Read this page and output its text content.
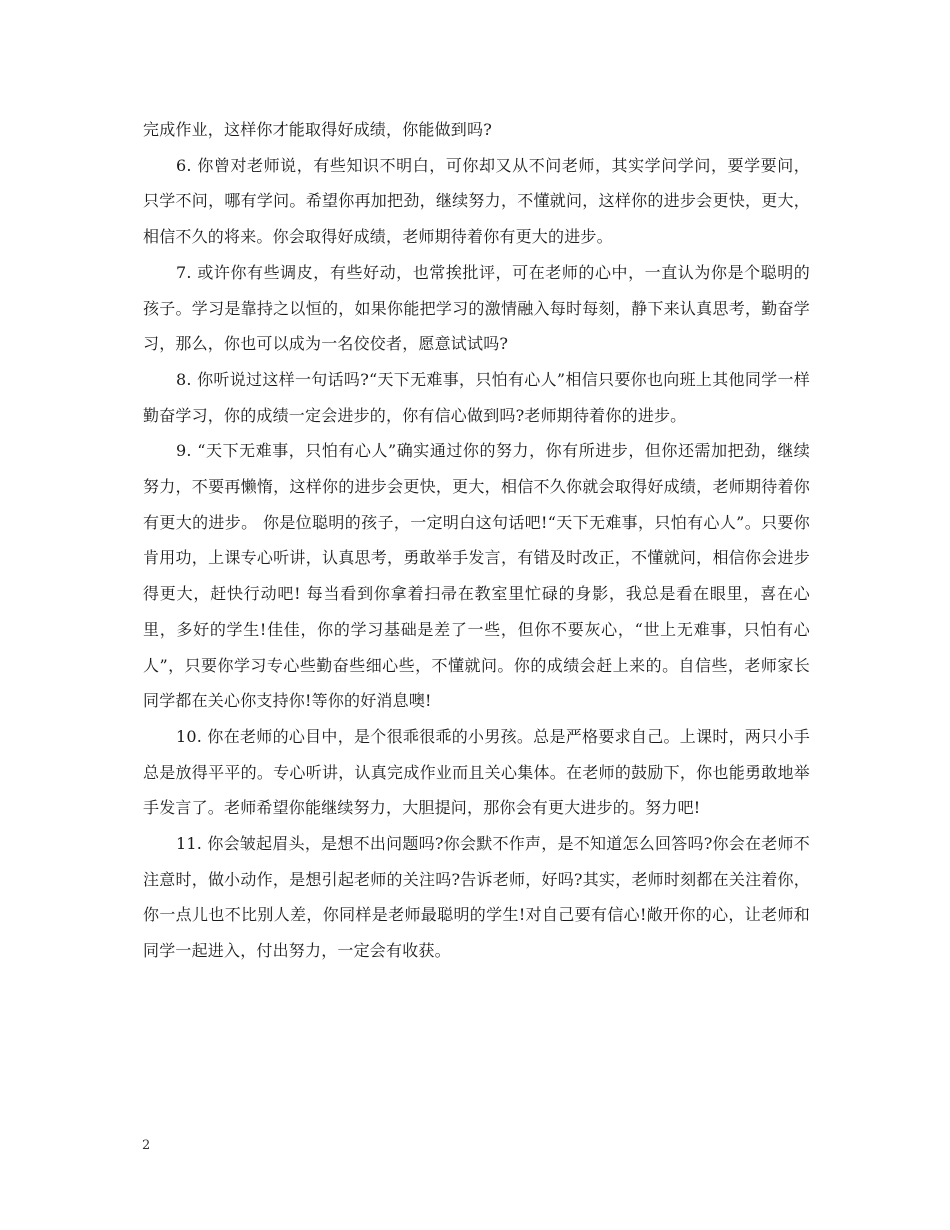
完成作业，这样你才能取得好成绩，你能做到吗?

6. 你曾对老师说，有些知识不明白，可你却又从不问老师，其实学问学问，要学要问，只学不问，哪有学问。希望你再加把劲，继续努力，不懂就问，这样你的进步会更快，更大，相信不久的将来。你会取得好成绩，老师期待着你有更大的进步。

7. 或许你有些调皮，有些好动，也常挨批评，可在老师的心中，一直认为你是个聪明的孩子。学习是靠持之以恒的，如果你能把学习的激情融入每时每刻，静下来认真思考，勤奋学习，那么，你也可以成为一名佼佼者，愿意试试吗?

8. 你听说过这样一句话吗?“天下无难事，只怕有心人”相信只要你也向班上其他同学一样勤奋学习，你的成绩一定会进步的，你有信心做到吗?老师期待着你的进步。

9. “天下无难事，只怕有心人”确实通过你的努力，你有所进步，但你还需加把劲，继续努力，不要再懒惰，这样你的进步会更快，更大，相信不久你就会取得好成绩，老师期待着你有更大的进步。 你是位聪明的孩子，一定明白这句话吧!“天下无难事，只怕有心人”。只要你肯用功，上课专心听讲，认真思考，勇敢举手发言，有错及时改正，不懂就问，相信你会进步得更大，赶快行动吧! 每当看到你拿着扫帚在教室里忙碌的身影，我总是看在眼里，喜在心里，多好的学生!佳佳，你的学习基础是差了一些，但你不要灰心，“世上无难事，只怕有心人”，只要你学习专心些勤奋些细心些，不懂就问。你的成绩会赶上来的。自信些，老师家长同学都在关心你支持你!等你的好消息噢!

10. 你在老师的心目中，是个很乖很乖的小男孩。总是严格要求自己。上课时，两只小手总是放得平平的。专心听讲，认真完成作业而且关心集体。在老师的鼓励下，你也能勇敢地举手发言了。老师希望你能继续努力，大胆提问，那你会有更大进步的。努力吧!

11. 你会皱起眉头，是想不出问题吗?你会默不作声，是不知道怎么回答吗?你会在老师不注意时，做小动作，是想引起老师的关注吗?告诉老师，好吗?其实，老师时刻都在关注着你，你一点儿也不比别人差，你同样是老师最聪明的学生!对自己要有信心!敞开你的心，让老师和同学一起进入，付出努力，一定会有收获。

2
